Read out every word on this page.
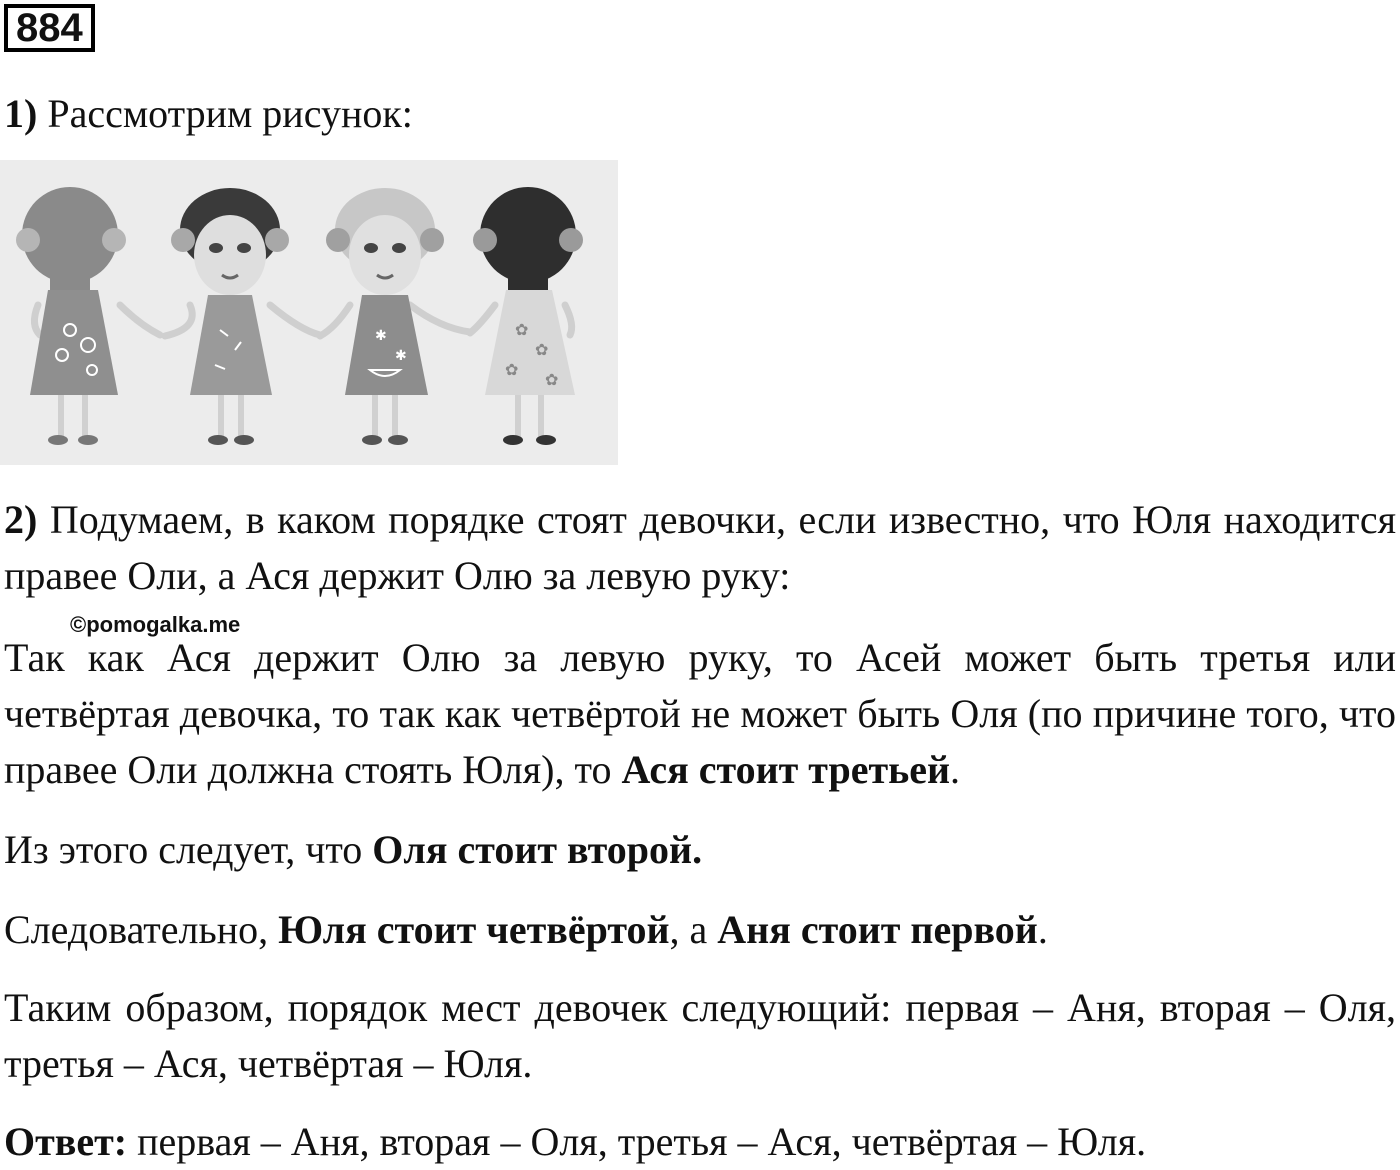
884

1) Рассмотрим рисунок:

✱
✱
✿
✿
✿
✿

2) Подумаем, в каком порядке стоят девочки, если известно, что Юля находится правее Оли, а Ася держит Олю за левую руку:

©pomogalka.me

Так как Ася держит Олю за левую руку, то Асей может быть третья или четвёртая девочка, то так как четвёртой не может быть Оля (по причине того, что правее Оли должна стоять Юля), то Ася стоит третьей.

Из этого следует, что Оля стоит второй.

Следовательно, Юля стоит четвёртой, а Аня стоит первой.

Таким образом, порядок мест девочек следующий: первая – Аня, вторая – Оля, третья – Ася, четвёртая – Юля.

Ответ: первая – Аня, вторая – Оля, третья – Ася, четвёртая – Юля.
